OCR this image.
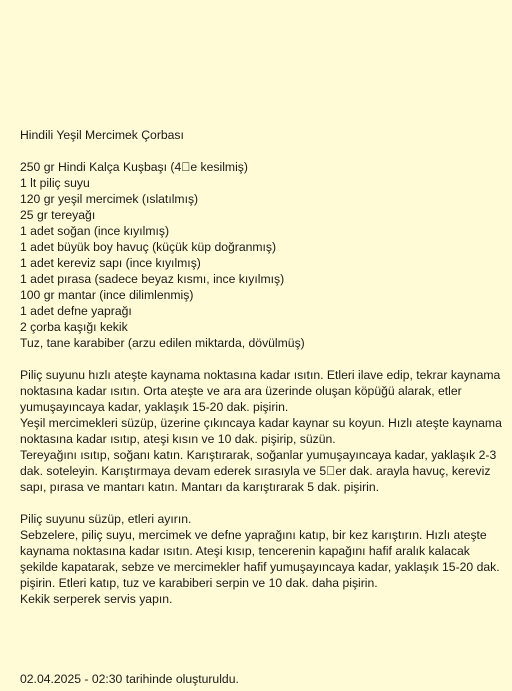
Hindili Yeşil Mercimek Çorbası
250 gr Hindi Kalça Kuşbaşı (4 e kesilmiş)
1 lt piliç suyu
120 gr yeşil mercimek (ıslatılmış)
25 gr tereyağı
1 adet soğan (ince kıyılmış)
1 adet büyük boy havuç (küçük küp doğranmış)
1 adet kereviz sapı (ince kıyılmış)
1 adet pırasa (sadece beyaz kısmı, ince kıyılmış)
100 gr mantar (ince dilimlenmiş)
1 adet defne yaprağı
2 çorba kaşığı kekik
Tuz, tane karabiber (arzu edilen miktarda, dövülmüş)

Piliç suyunu hızlı ateşte kaynama noktasına kadar ısıtın. Etleri ilave edip, tekrar kaynama noktasına kadar ısıtın. Orta ateşte ve ara ara üzerinde oluşan köpüğü alarak, etler yumuşayıncaya kadar, yaklaşık 15-20 dak. pişirin.

Yeşil mercimekleri süzüp, üzerine çıkıncaya kadar kaynar su koyun. Hızlı ateşte kaynama noktasına kadar ısıtıp, ateşi kısın ve 10 dak. pişirip, süzün.

Tereyağını ısıtıp, soğanı katın. Karıştırarak, soğanlar yumuşayıncaya kadar, yaklaşık 2-3 dak. soteleyin. Karıştırmaya devam ederek sırasıyla ve 5 er dak. arayla havuç, kereviz sapı, pırasa ve mantarı katın. Mantarı da karıştırarak 5 dak. pişirin.

Piliç suyunu süzüp, etleri ayırın.

Sebzelere, piliç suyu, mercimek ve defne yaprağını katıp, bir kez karıştırın. Hızlı ateşte kaynama noktasına kadar ısıtın. Ateşi kısıp, tencerenin kapağını hafif aralık kalacak şekilde kapatarak, sebze ve mercimekler hafif yumuşayıncaya kadar, yaklaşık 15-20 dak. pişirin. Etleri katıp, tuz ve karabiberi serpin ve 10 dak. daha pişirin.

Kekik serperek servis yapın.

02.04.2025 - 02:30 tarihinde oluşturuldu.
